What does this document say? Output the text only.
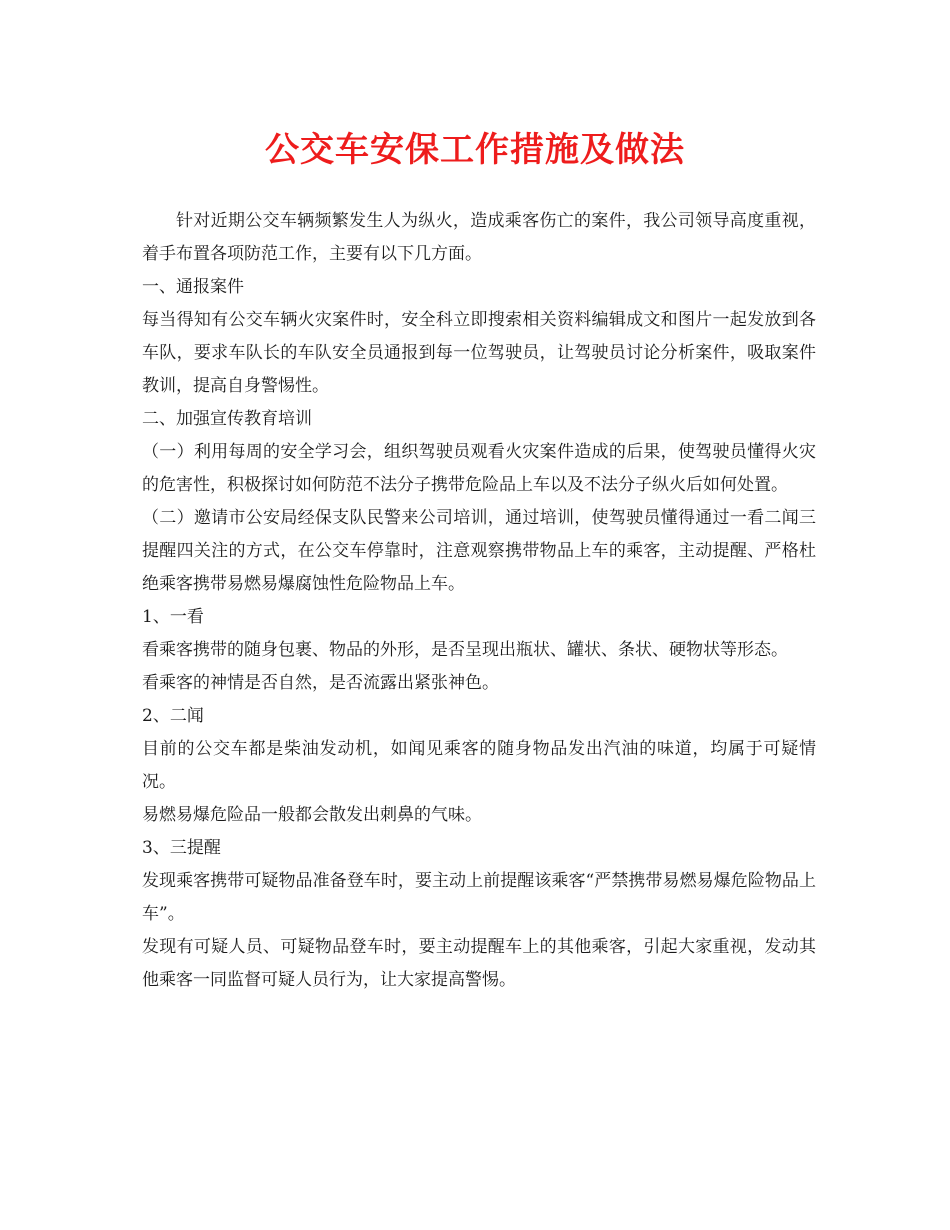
公交车安保工作措施及做法

针对近期公交车辆频繁发生人为纵火，造成乘客伤亡的案件，我公司领导高度重视，着手布置各项防范工作，主要有以下几方面。

一、通报案件

每当得知有公交车辆火灾案件时，安全科立即搜索相关资料编辑成文和图片一起发放到各车队，要求车队长的车队安全员通报到每一位驾驶员，让驾驶员讨论分析案件，吸取案件教训，提高自身警惕性。

二、加强宣传教育培训

（一）利用每周的安全学习会，组织驾驶员观看火灾案件造成的后果，使驾驶员懂得火灾的危害性，积极探讨如何防范不法分子携带危险品上车以及不法分子纵火后如何处置。

（二）邀请市公安局经保支队民警来公司培训，通过培训，使驾驶员懂得通过一看二闻三提醒四关注的方式，在公交车停靠时，注意观察携带物品上车的乘客，主动提醒、严格杜绝乘客携带易燃易爆腐蚀性危险物品上车。

1、一看

看乘客携带的随身包裹、物品的外形，是否呈现出瓶状、罐状、条状、硬物状等形态。

看乘客的神情是否自然，是否流露出紧张神色。

2、二闻

目前的公交车都是柴油发动机，如闻见乘客的随身物品发出汽油的味道，均属于可疑情况。

易燃易爆危险品一般都会散发出刺鼻的气味。

3、三提醒

发现乘客携带可疑物品准备登车时，要主动上前提醒该乘客“严禁携带易燃易爆危险物品上车”。

发现有可疑人员、可疑物品登车时，要主动提醒车上的其他乘客，引起大家重视，发动其他乘客一同监督可疑人员行为，让大家提高警惕。
